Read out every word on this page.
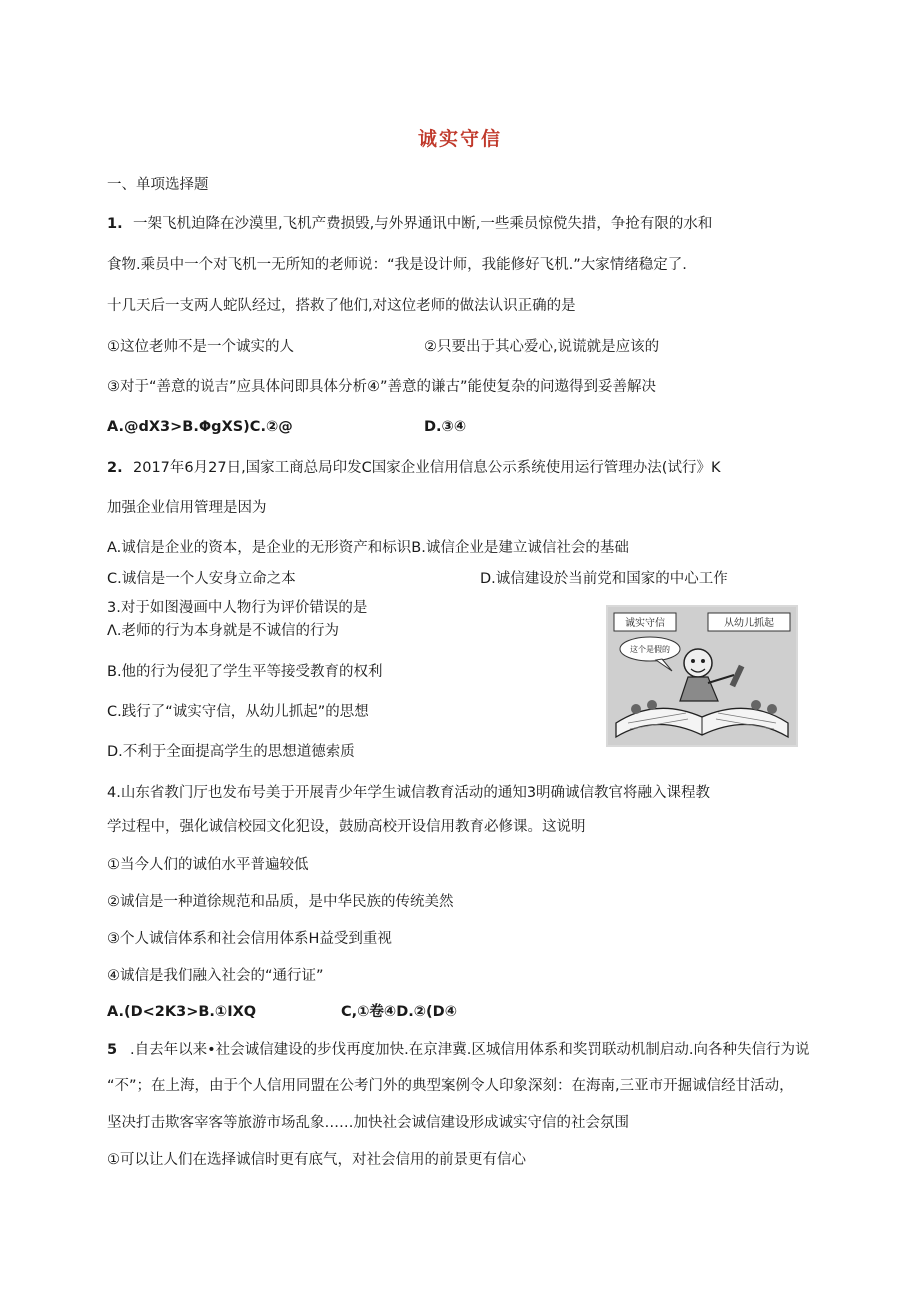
诚实守信

一、单项选择题

1. 一架飞机迫降在沙漠里,飞机产费损毁,与外界通讯中断,一些乘员惊傥失措，争抢有限的水和

食物.乘员中一个对飞机一无所知的老师说：“我是设计师，我能修好飞机.”大家情绪稳定了.

十几天后一支两人蛇队经过，搭救了他们,对这位老师的做法认识正确的是

①这位老帅不是一个诚实的人	②只要出于其心爱心,说谎就是应该的

③对于“善意的说吉”应具体问即具体分析④”善意的谦古”能使复杂的问遨得到妥善解决

A.@dX3>B.ΦgXS)C.②@	D.③④

2. 2017年6月27日,国家工商总局印发C国家企业信用信息公示系统使用运行管理办法(试行》K

加强企业信用管理是因为

A.诚信是企业的资本，是企业的无形资产和标识B.诚信企业是建立诚信社会的基础

C.诚信是一个人安身立命之本	D.诚信建设於当前党和国家的中心工作

3.对于如图漫画中人物行为评价错误的是

Λ.老师的行为本身就是不诚信的行为

B.他的行为侵犯了学生平等接受教育的权利

C.践行了“诚实守信，从幼儿抓起”的思想

D.不利于全面提高学生的思想道德索质

诚实守信	从幼儿抓起
这个是假的

4.山东省教门厅也发布号美于开展青少年学生诚信教育活动的通知3明确诚信教官将融入课程教

学过程中，强化诚信校园文化犯设，鼓励高校开设信用教育必修课。这说明

①当今人们的诚伯水平普遍较低

②诚信是一种道徐规范和品质，是中华民族的传统美然

③个人诚信体系和社会信用体系H益受到重视

④诚信是我们融入社会的“通行证”

A.(D<2K3>B.①IXQ	C,①卷④D.②(D④

5 .自去年以来•社会诚信建设的步伐再度加快.在京津冀.区城信用体系和奖罚联动机制启动.向各种失信行为说

“不”；在上海，由于个人信用同盟在公考门外的典型案例令人印象深刻：在海南,三亚市开掘诚信经甘活动，

坚决打击欺客宰客等旅游市场乱象……加快社会诚信建设形成诚实守信的社会氛围

①可以让人们在选择诚信时更有底气，对社会信用的前景更有信心
